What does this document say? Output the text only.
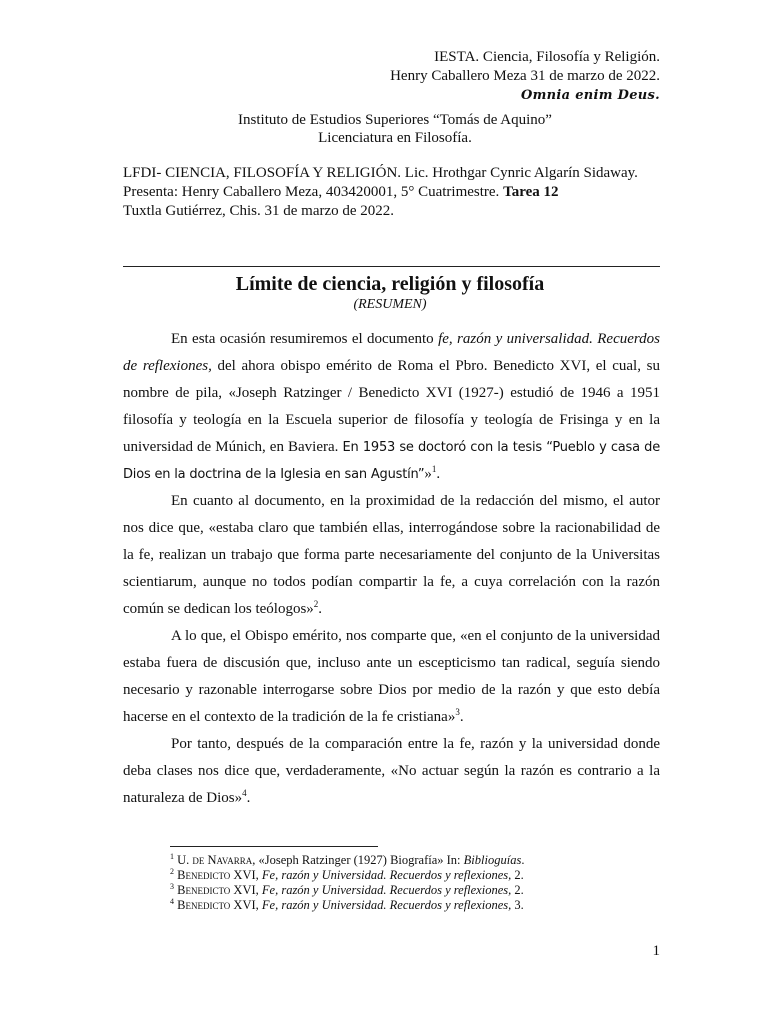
IESTA. Ciencia, Filosofía y Religión.
Henry Caballero Meza 31 de marzo de 2022.
Omnia enim Deus.
Instituto de Estudios Superiores “Tomás de Aquino”
Licenciatura en Filosofía.
LFDI- CIENCIA, FILOSOFÍA Y RELIGIÓN. Lic. Hrothgar Cynric Algarín Sidaway.
Presenta: Henry Caballero Meza, 403420001, 5° Cuatrimestre. Tarea 12
Tuxtla Gutiérrez, Chis. 31 de marzo de 2022.
Límite de ciencia, religión y filosofía
(RESUMEN)

En esta ocasión resumiremos el documento fe, razón y universalidad. Recuerdos de reflexiones, del ahora obispo emérito de Roma el Pbro. Benedicto XVI, el cual, su nombre de pila, «Joseph Ratzinger / Benedicto XVI (1927-) estudió de 1946 a 1951 filosofía y teología en la Escuela superior de filosofía y teología de Frisinga y en la universidad de Múnich, en Baviera. En 1953 se doctoró con la tesis “Pueblo y casa de Dios en la doctrina de la Iglesia en san Agustín”»$^1$.

En cuanto al documento, en la proximidad de la redacción del mismo, el autor nos dice que, «estaba claro que también ellas, interrogándose sobre la racionabilidad de la fe, realizan un trabajo que forma parte necesariamente del conjunto de la Universitas scientiarum, aunque no todos podían compartir la fe, a cuya correlación con la razón común se dedican los teólogos»$^2$.

A lo que, el Obispo emérito, nos comparte que, «en el conjunto de la universidad estaba fuera de discusión que, incluso ante un escepticismo tan radical, seguía siendo necesario y razonable interrogarse sobre Dios por medio de la razón y que esto debía hacerse en el contexto de la tradición de la fe cristiana»$^3$.

Por tanto, después de la comparación entre la fe, razón y la universidad donde deba clases nos dice que, verdaderamente, «No actuar según la razón es contrario a la naturaleza de Dios»$^4$.

$^1$ U. de Navarra, «Joseph Ratzinger (1927) Biografía» In: Biblioguías.
$^2$ Benedicto XVI, Fe, razón y Universidad. Recuerdos y reflexiones, 2.
$^3$ Benedicto XVI, Fe, razón y Universidad. Recuerdos y reflexiones, 2.
$^4$ Benedicto XVI, Fe, razón y Universidad. Recuerdos y reflexiones, 3.
1
